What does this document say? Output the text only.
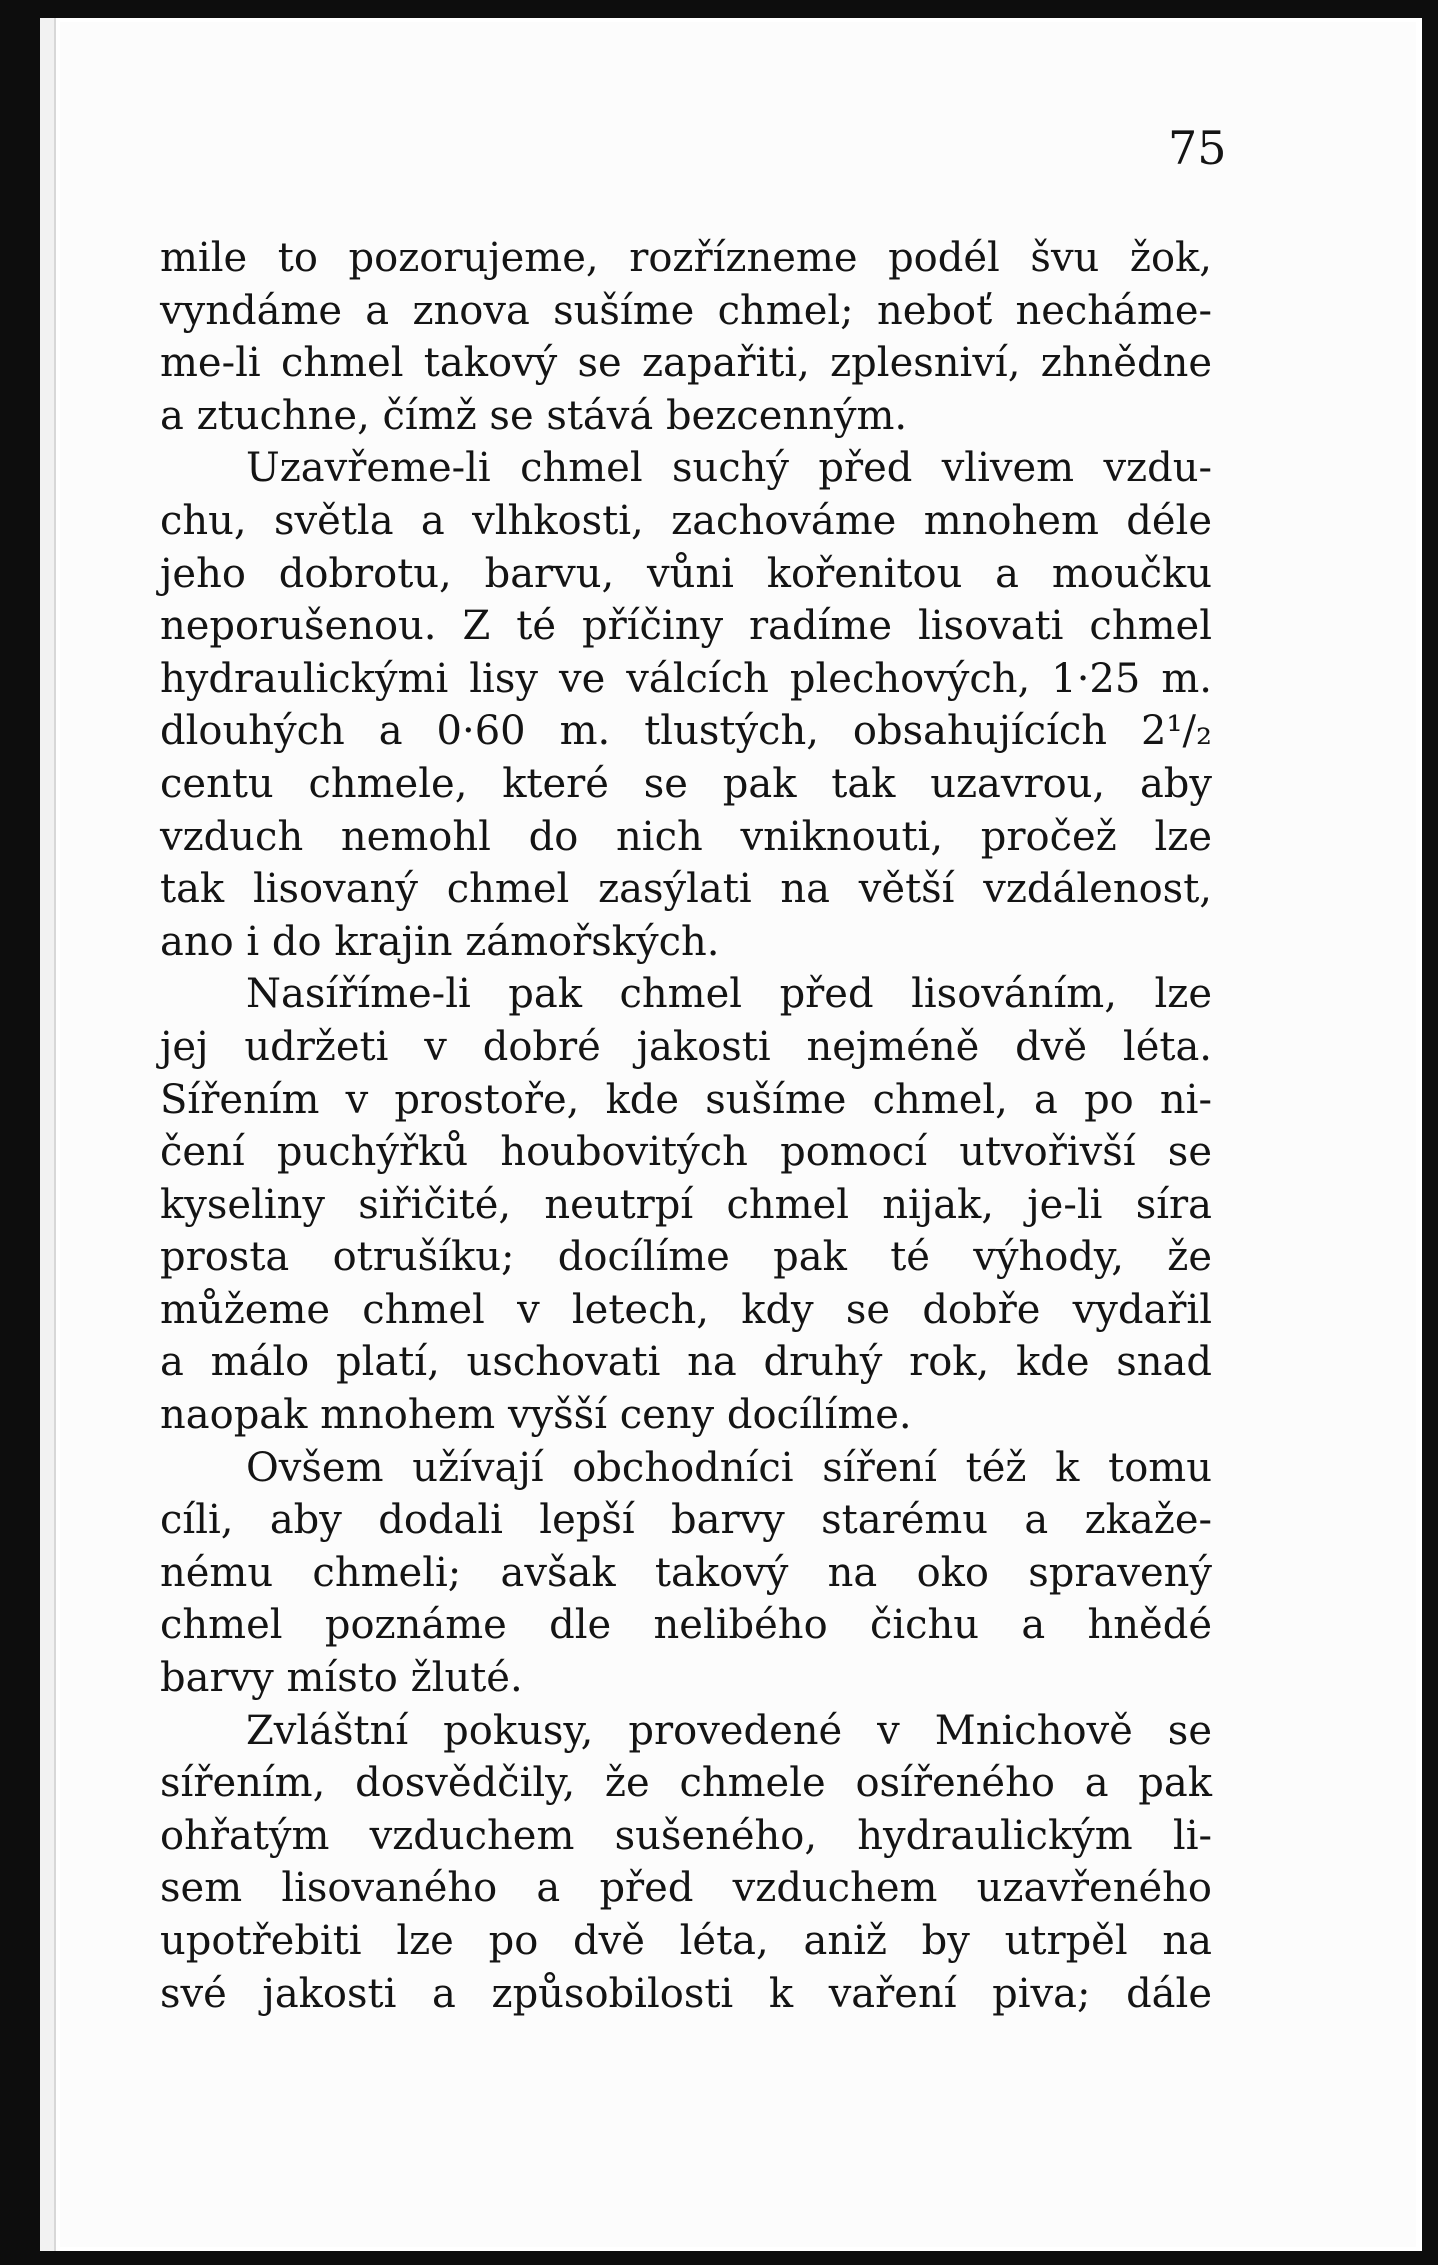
75

mile to pozorujeme, rozřízneme podél švu žok,
vyndáme a znova sušíme chmel; neboť necháme-
me-li chmel takový se zapařiti, zplesniví, zhnědne
a ztuchne, čímž se stává bezcenným.
Uzavřeme-li chmel suchý před vlivem vzdu-
chu, světla a vlhkosti, zachováme mnohem déle
jeho dobrotu, barvu, vůni kořenitou a moučku
neporušenou. Z té příčiny radíme lisovati chmel
hydraulickými lisy ve válcích plechových, 1·25 m.
dlouhých a 0·60 m. tlustých, obsahujících 2¹/₂
centu chmele, které se pak tak uzavrou, aby
vzduch nemohl do nich vniknouti, pročež lze
tak lisovaný chmel zasýlati na větší vzdálenost,
ano i do krajin zámořských.
Nasíříme-li pak chmel před lisováním, lze
jej udržeti v dobré jakosti nejméně dvě léta.
Sířením v prostoře, kde sušíme chmel, a po ni-
čení puchýřků houbovitých pomocí utvořivší se
kyseliny siřičité, neutrpí chmel nijak, je-li síra
prosta otrušíku; docílíme pak té výhody, že
můžeme chmel v letech, kdy se dobře vydařil
a málo platí, uschovati na druhý rok, kde snad
naopak mnohem vyšší ceny docílíme.
Ovšem užívají obchodníci síření též k tomu
cíli, aby dodali lepší barvy starému a zkaže-
nému chmeli; avšak takový na oko spravený
chmel poznáme dle nelibého čichu a hnědé
barvy místo žluté.
Zvláštní pokusy, provedené v Mnichově se
sířením, dosvědčily, že chmele osířeného a pak
ohřatým vzduchem sušeného, hydraulickým li-
sem lisovaného a před vzduchem uzavřeného
upotřebiti lze po dvě léta, aniž by utrpěl na
své jakosti a způsobilosti k vaření piva; dále
